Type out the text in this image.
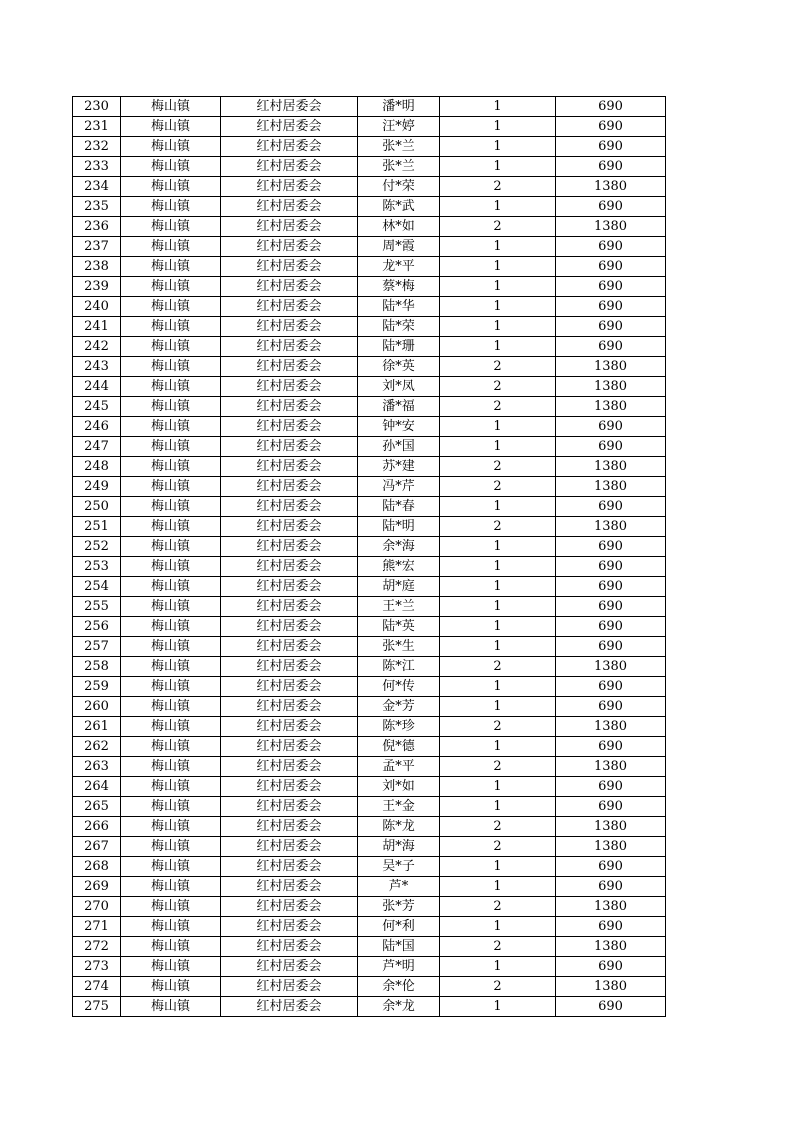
230	梅山镇	红村居委会	潘*明	1	690
231	梅山镇	红村居委会	汪*婷	1	690
232	梅山镇	红村居委会	张*兰	1	690
233	梅山镇	红村居委会	张*兰	1	690
234	梅山镇	红村居委会	付*荣	2	1380
235	梅山镇	红村居委会	陈*武	1	690
236	梅山镇	红村居委会	林*如	2	1380
237	梅山镇	红村居委会	周*霞	1	690
238	梅山镇	红村居委会	龙*平	1	690
239	梅山镇	红村居委会	蔡*梅	1	690
240	梅山镇	红村居委会	陆*华	1	690
241	梅山镇	红村居委会	陆*荣	1	690
242	梅山镇	红村居委会	陆*珊	1	690
243	梅山镇	红村居委会	徐*英	2	1380
244	梅山镇	红村居委会	刘*凤	2	1380
245	梅山镇	红村居委会	潘*福	2	1380
246	梅山镇	红村居委会	钟*安	1	690
247	梅山镇	红村居委会	孙*国	1	690
248	梅山镇	红村居委会	苏*建	2	1380
249	梅山镇	红村居委会	冯*芹	2	1380
250	梅山镇	红村居委会	陆*春	1	690
251	梅山镇	红村居委会	陆*明	2	1380
252	梅山镇	红村居委会	余*海	1	690
253	梅山镇	红村居委会	熊*宏	1	690
254	梅山镇	红村居委会	胡*庭	1	690
255	梅山镇	红村居委会	王*兰	1	690
256	梅山镇	红村居委会	陆*英	1	690
257	梅山镇	红村居委会	张*生	1	690
258	梅山镇	红村居委会	陈*江	2	1380
259	梅山镇	红村居委会	何*传	1	690
260	梅山镇	红村居委会	金*芳	1	690
261	梅山镇	红村居委会	陈*珍	2	1380
262	梅山镇	红村居委会	倪*德	1	690
263	梅山镇	红村居委会	孟*平	2	1380
264	梅山镇	红村居委会	刘*如	1	690
265	梅山镇	红村居委会	王*金	1	690
266	梅山镇	红村居委会	陈*龙	2	1380
267	梅山镇	红村居委会	胡*海	2	1380
268	梅山镇	红村居委会	吴*子	1	690
269	梅山镇	红村居委会	芦*	1	690
270	梅山镇	红村居委会	张*芳	2	1380
271	梅山镇	红村居委会	何*利	1	690
272	梅山镇	红村居委会	陆*国	2	1380
273	梅山镇	红村居委会	芦*明	1	690
274	梅山镇	红村居委会	余*伦	2	1380
275	梅山镇	红村居委会	余*龙	1	690
